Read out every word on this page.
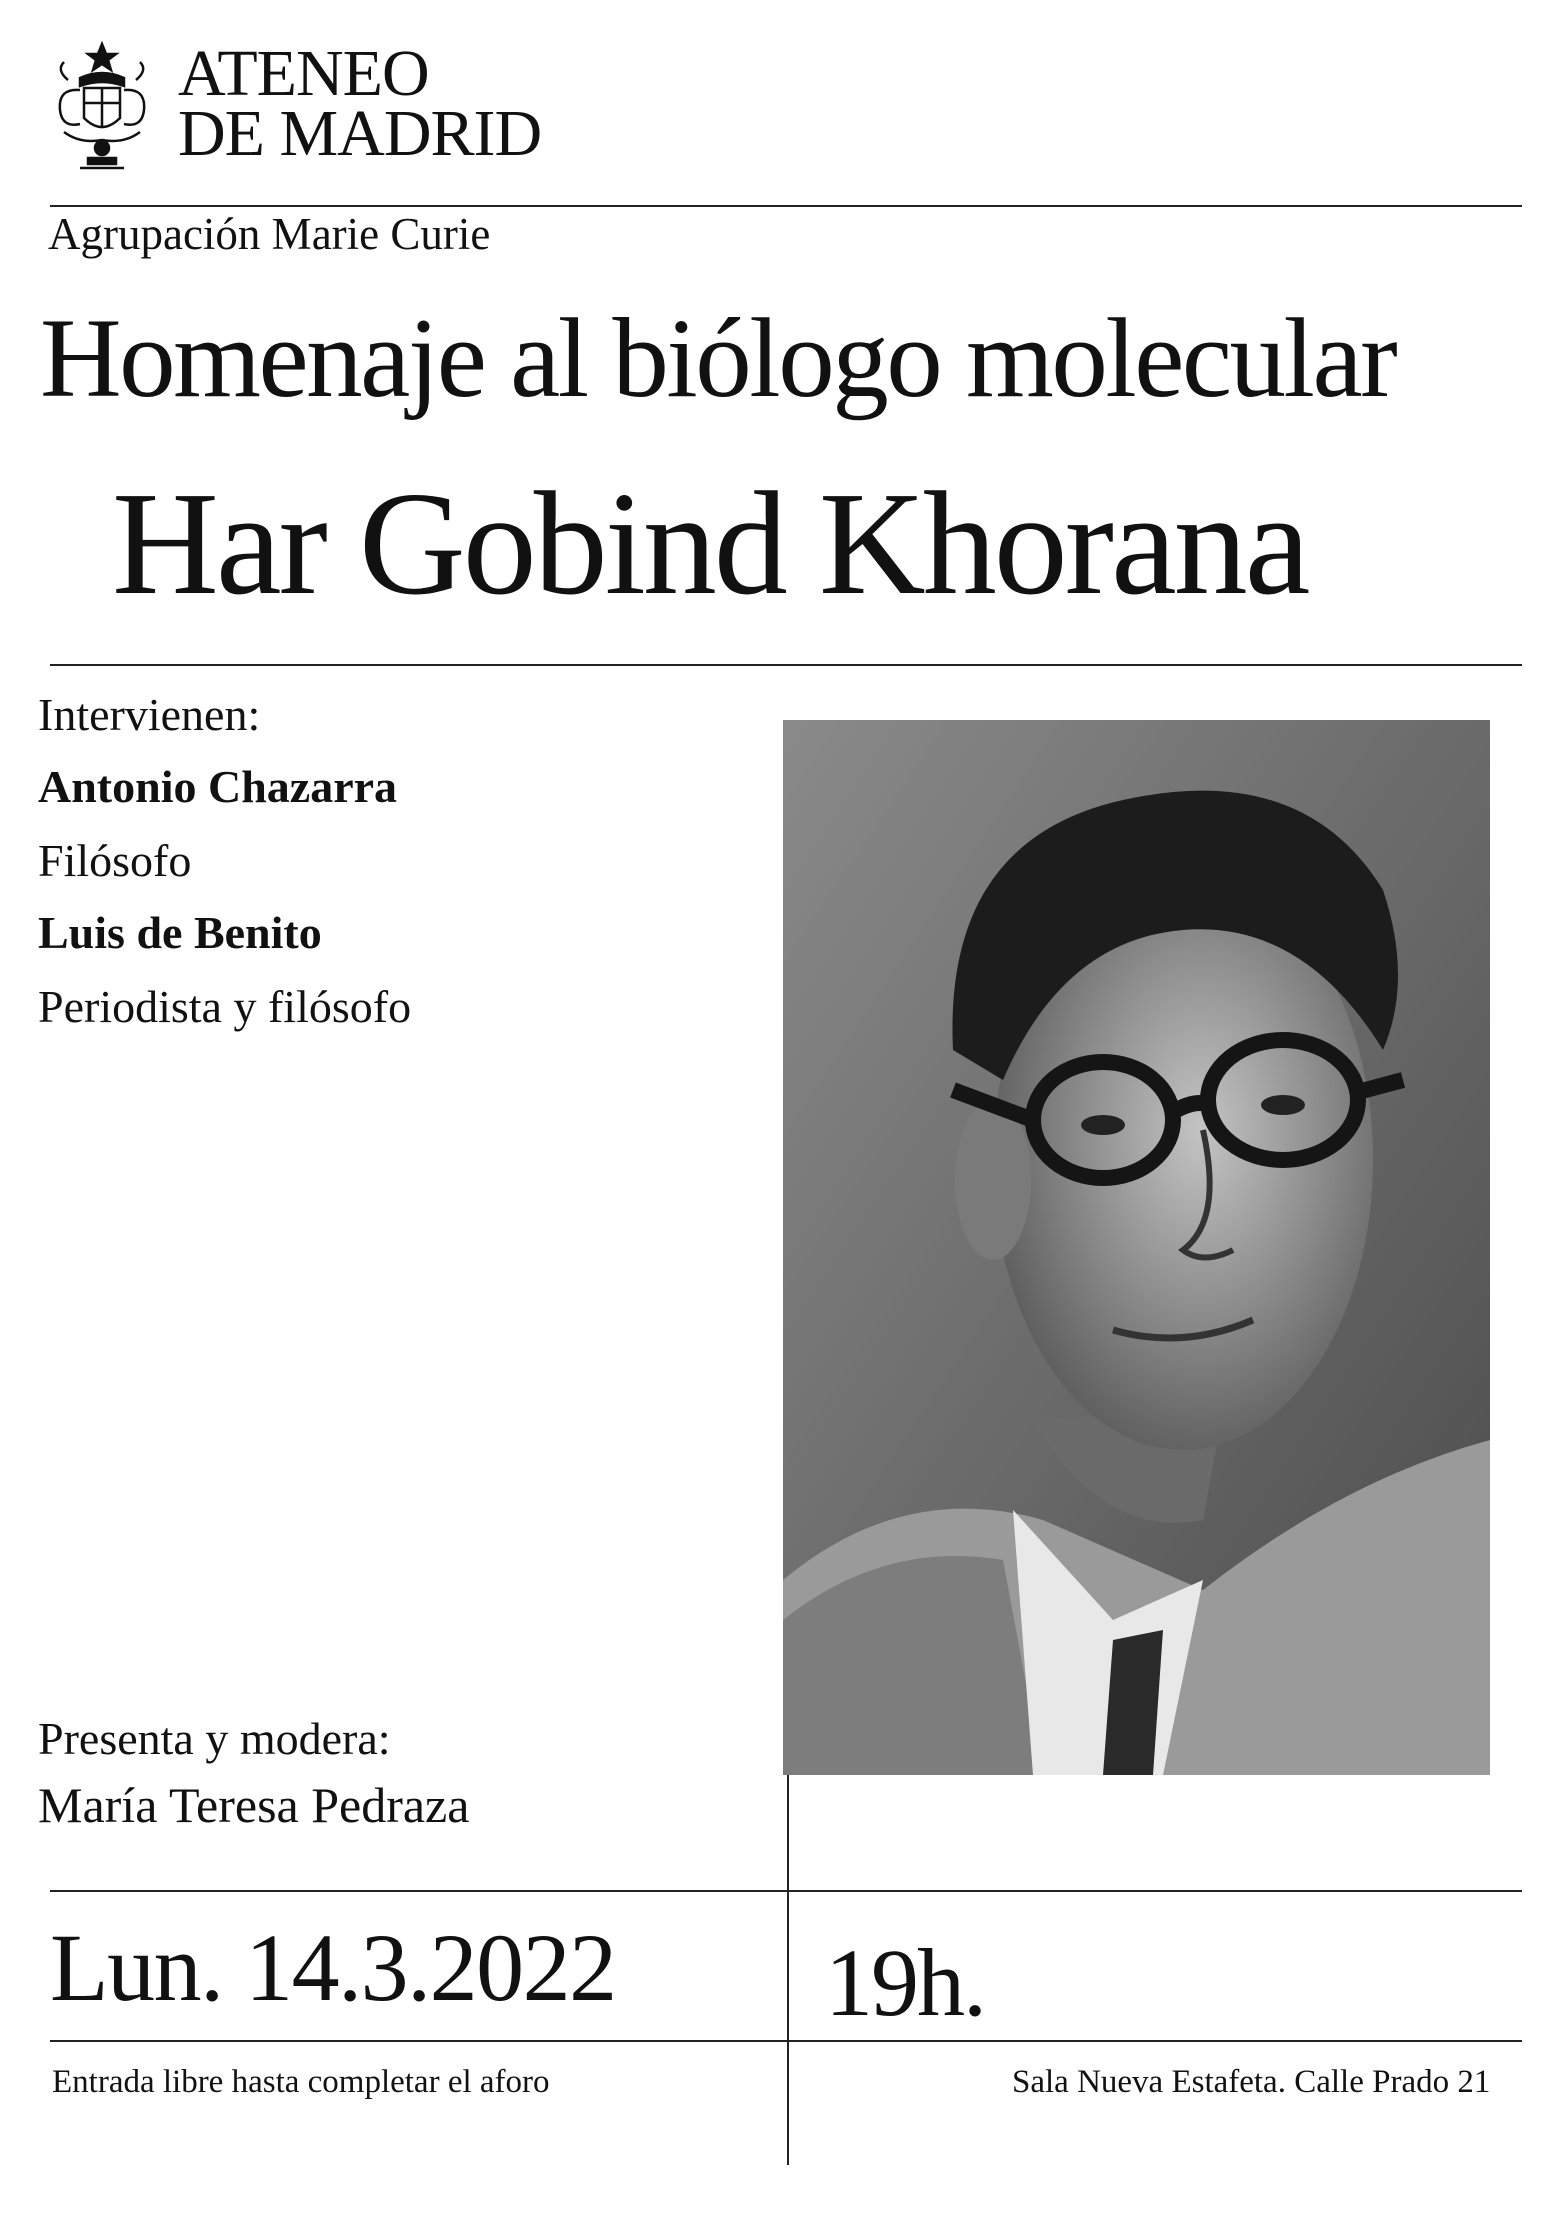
ATENEO
DE MADRID
Agrupación Marie Curie
Homenaje al biólogo molecular
Har Gobind Khorana
Intervienen:
Antonio Chazarra
Filósofo
Luis de Benito
Periodista y filósofo
Presenta y modera:
María Teresa Pedraza
Lun. 14.3.2022 19h.
Entrada libre hasta completar el aforo	Sala Nueva Estafeta. Calle Prado 21
